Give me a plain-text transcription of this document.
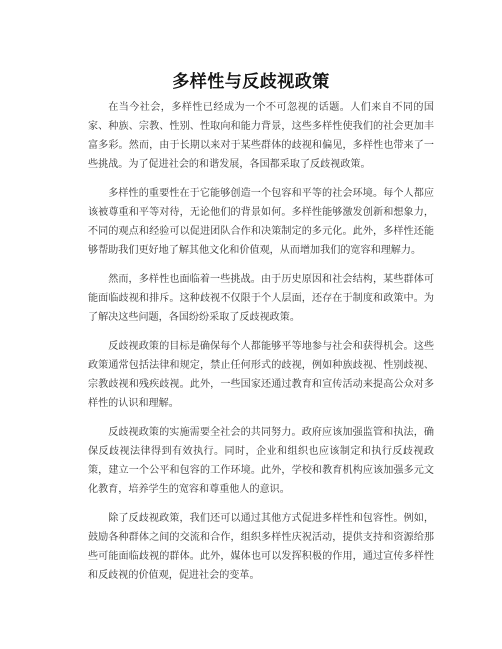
多样性与反歧视政策

在当今社会，多样性已经成为一个不可忽视的话题。人们来自不同的国家、种族、宗教、性别、性取向和能力背景，这些多样性使我们的社会更加丰富多彩。然而，由于长期以来对于某些群体的歧视和偏见，多样性也带来了一些挑战。为了促进社会的和谐发展，各国都采取了反歧视政策。

多样性的重要性在于它能够创造一个包容和平等的社会环境。每个人都应该被尊重和平等对待，无论他们的背景如何。多样性能够激发创新和想象力，不同的观点和经验可以促进团队合作和决策制定的多元化。此外，多样性还能够帮助我们更好地了解其他文化和价值观，从而增加我们的宽容和理解力。

然而，多样性也面临着一些挑战。由于历史原因和社会结构，某些群体可能面临歧视和排斥。这种歧视不仅限于个人层面，还存在于制度和政策中。为了解决这些问题，各国纷纷采取了反歧视政策。

反歧视政策的目标是确保每个人都能够平等地参与社会和获得机会。这些政策通常包括法律和规定，禁止任何形式的歧视，例如种族歧视、性别歧视、宗教歧视和残疾歧视。此外，一些国家还通过教育和宣传活动来提高公众对多样性的认识和理解。

反歧视政策的实施需要全社会的共同努力。政府应该加强监管和执法，确保反歧视法律得到有效执行。同时，企业和组织也应该制定和执行反歧视政策，建立一个公平和包容的工作环境。此外，学校和教育机构应该加强多元文化教育，培养学生的宽容和尊重他人的意识。

除了反歧视政策，我们还可以通过其他方式促进多样性和包容性。例如，鼓励各种群体之间的交流和合作，组织多样性庆祝活动，提供支持和资源给那些可能面临歧视的群体。此外，媒体也可以发挥积极的作用，通过宣传多样性和反歧视的价值观，促进社会的变革。
